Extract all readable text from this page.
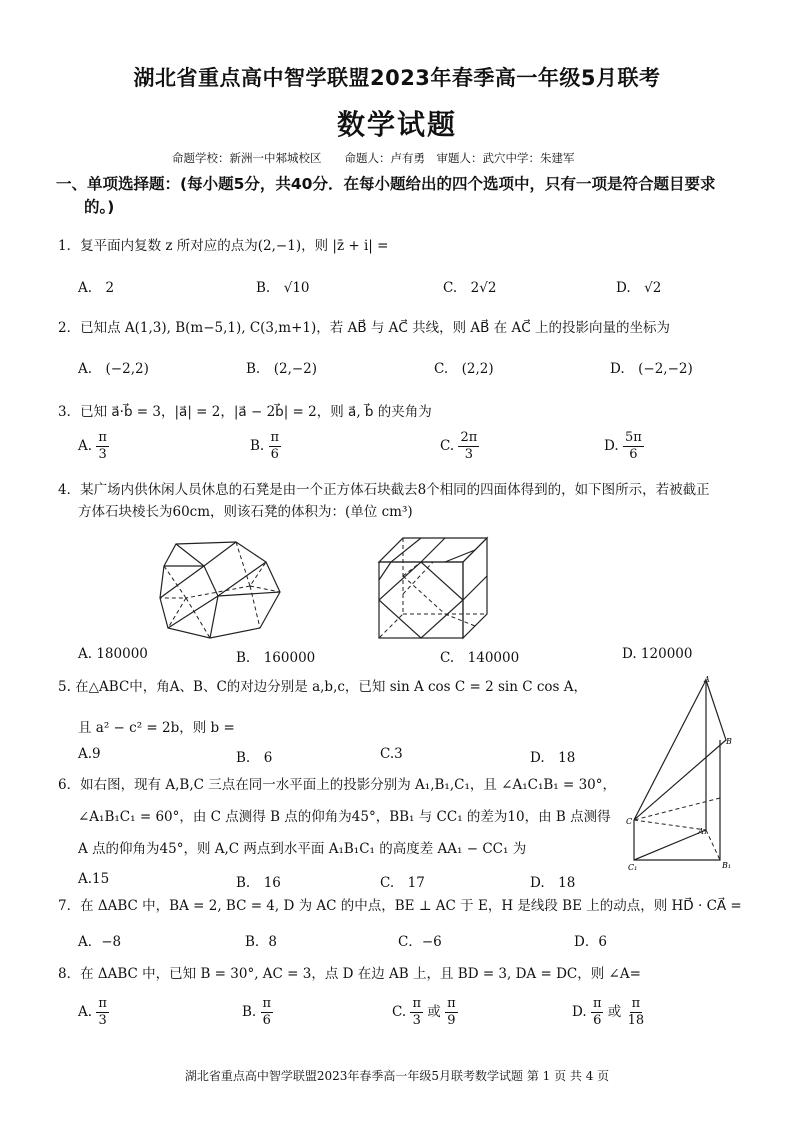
湖北省重点高中智学联盟2023年春季高一年级5月联考
数学试题
命题学校：新洲一中邾城校区　　命题人：卢有勇　审题人：武穴中学：朱建军
一、单项选择题：(每小题5分，共40分．在每小题给出的四个选项中，只有一项是符合题目要求
的。)
1．复平面内复数 z 所对应的点为(2,−1)，则 |z̄ + i| =
A.　2	B.　√10	C.　2√2	D.　√2
2．已知点 A(1,3), B(m−5,1), C(3,m+1)，若 AB⃗ 与 AC⃗ 共线，则 AB⃗ 在 AC⃗ 上的投影向量的坐标为
A.　(−2,2)	B.　(2,−2)	C.　(2,2)	D.　(−2,−2)
3．已知 a⃗·b⃗ = 3，|a⃗| = 2，|a⃗ − 2b⃗| = 2，则 a⃗, b⃗ 的夹角为
A. $\frac{\pi}{3}$	B. $\frac{\pi}{6}$	C. $\frac{2\pi}{3}$	D. $\frac{5\pi}{6}$
4．某广场内供休闲人员休息的石凳是由一个正方体石块截去8个相同的四面体得到的，如下图所示，若被截正
方体石块棱长为60cm，则该石凳的体积为：(单位 cm³)
A. 180000	B.　160000	C.　140000	D. 120000
5. 在△ABC中，角A、B、C的对边分别是 a,b,c，已知 sin A cos C = 2 sin C cos A，
且 a² − c² = 2b，则 b =
A.9	B.　6	C.3	D.　18
A
B
C
A₁
B₁
C₁
6．如右图，现有 A,B,C 三点在同一水平面上的投影分别为 A₁,B₁,C₁，且 ∠A₁C₁B₁ = 30°，
∠A₁B₁C₁ = 60°，由 C 点测得 B 点的仰角为45°，BB₁ 与 CC₁ 的差为10，由 B 点测得
A 点的仰角为45°，则 A,C 两点到水平面 A₁B₁C₁ 的高度差 AA₁ − CC₁ 为
A.15	B.　16	C.　17	D.　18
7．在 ΔABC 中，BA = 2, BC = 4, D 为 AC 的中点，BE ⊥ AC 于 E，H 是线段 BE 上的动点，则 HD⃗ · CA⃗ =
A．−8	B．8	C．−6	D．6
8．在 ΔABC 中，已知 B = 30°, AC = 3，点 D 在边 AB 上，且 BD = 3, DA = DC，则 ∠A=
A. $\frac{\pi}{3}$	B. $\frac{\pi}{6}$	C. $\frac{\pi}{3}$ 或 $\frac{\pi}{9}$	D. $\frac{\pi}{6}$ 或 $\frac{\pi}{18}$
湖北省重点高中智学联盟2023年春季高一年级5月联考数学试题 第 1 页 共 4 页
